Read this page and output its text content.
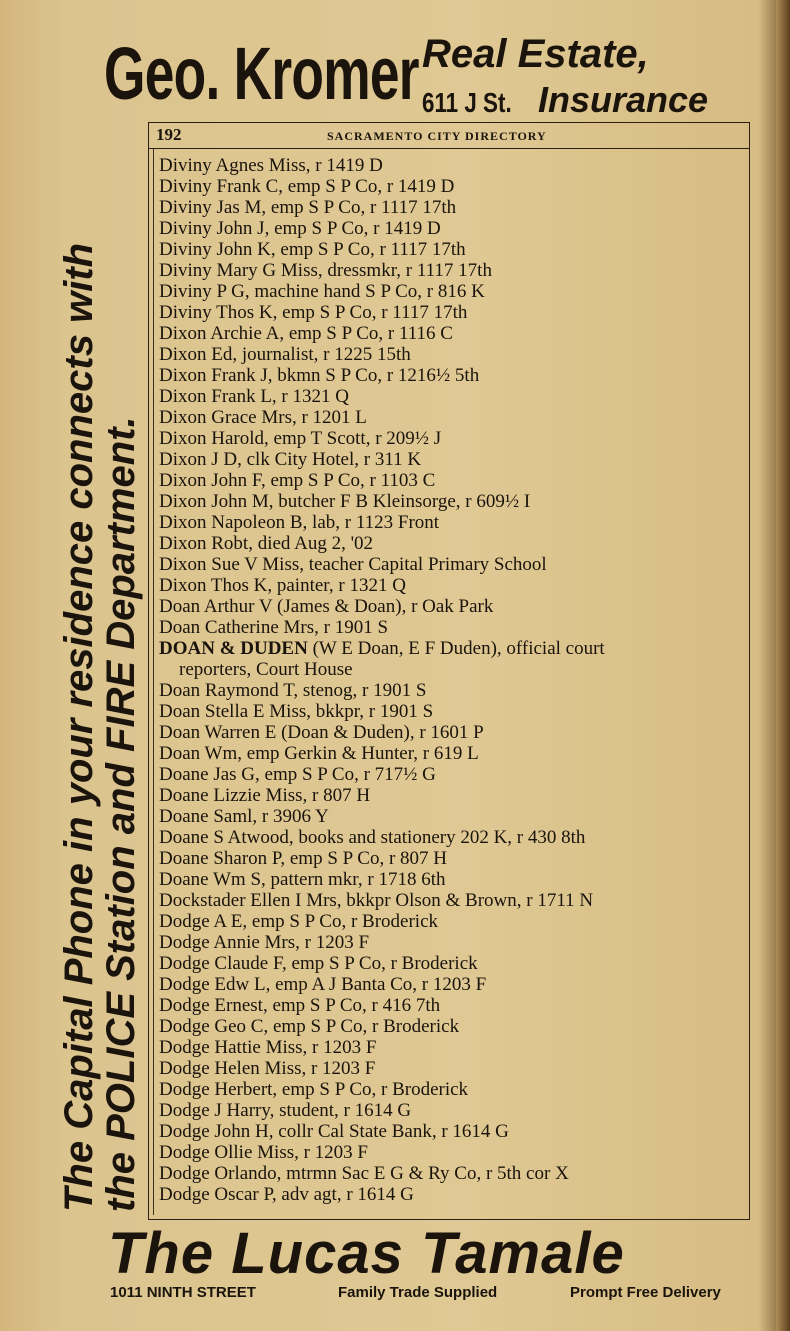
Geo. Kromer Real Estate,
611 J St. Insurance
The Capital Phone in your residence connects with
the POLICE Station and FIRE Department.
192	SACRAMENTO CITY DIRECTORY
Diviny Agnes Miss, r 1419 D
Diviny Frank C, emp S P Co, r 1419 D
Diviny Jas M, emp S P Co, r 1117 17th
Diviny John J, emp S P Co, r 1419 D
Diviny John K, emp S P Co, r 1117 17th
Diviny Mary G Miss, dressmkr, r 1117 17th
Diviny P G, machine hand S P Co, r 816 K
Diviny Thos K, emp S P Co, r 1117 17th
Dixon Archie A, emp S P Co, r 1116 C
Dixon Ed, journalist, r 1225 15th
Dixon Frank J, bkmn S P Co, r 1216½ 5th
Dixon Frank L, r 1321 Q
Dixon Grace Mrs, r 1201 L
Dixon Harold, emp T Scott, r 209½ J
Dixon J D, clk City Hotel, r 311 K
Dixon John F, emp S P Co, r 1103 C
Dixon John M, butcher F B Kleinsorge, r 609½ I
Dixon Napoleon B, lab, r 1123 Front
Dixon Robt, died Aug 2, '02
Dixon Sue V Miss, teacher Capital Primary School
Dixon Thos K, painter, r 1321 Q
Doan Arthur V (James & Doan), r Oak Park
Doan Catherine Mrs, r 1901 S
DOAN & DUDEN (W E Doan, E F Duden), official court
reporters, Court House
Doan Raymond T, stenog, r 1901 S
Doan Stella E Miss, bkkpr, r 1901 S
Doan Warren E (Doan & Duden), r 1601 P
Doan Wm, emp Gerkin & Hunter, r 619 L
Doane Jas G, emp S P Co, r 717½ G
Doane Lizzie Miss, r 807 H
Doane Saml, r 3906 Y
Doane S Atwood, books and stationery 202 K, r 430 8th
Doane Sharon P, emp S P Co, r 807 H
Doane Wm S, pattern mkr, r 1718 6th
Dockstader Ellen I Mrs, bkkpr Olson & Brown, r 1711 N
Dodge A E, emp S P Co, r Broderick
Dodge Annie Mrs, r 1203 F
Dodge Claude F, emp S P Co, r Broderick
Dodge Edw L, emp A J Banta Co, r 1203 F
Dodge Ernest, emp S P Co, r 416 7th
Dodge Geo C, emp S P Co, r Broderick
Dodge Hattie Miss, r 1203 F
Dodge Helen Miss, r 1203 F
Dodge Herbert, emp S P Co, r Broderick
Dodge J Harry, student, r 1614 G
Dodge John H, collr Cal State Bank, r 1614 G
Dodge Ollie Miss, r 1203 F
Dodge Orlando, mtrmn Sac E G & Ry Co, r 5th cor X
Dodge Oscar P, adv agt, r 1614 G
The Lucas Tamale
1011 NINTH STREET	Family Trade Supplied	Prompt Free Delivery
